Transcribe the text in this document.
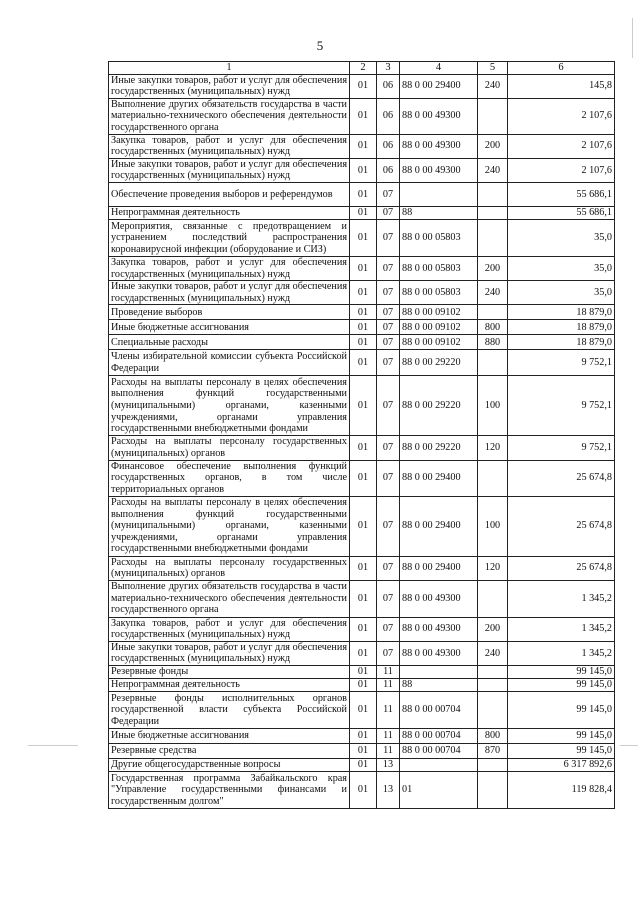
5
1	2	3	4	5	6
Иные закупки товаров, работ и услуг для обеспечения государственных (муниципальных) нужд	01	06	88 0 00 29400	240	145,8
Выполнение других обязательств государства в части материально-технического обеспечения деятельности государственного органа	01	06	88 0 00 49300		2 107,6
Закупка товаров, работ и услуг для обеспечения государственных (муниципальных) нужд	01	06	88 0 00 49300	200	2 107,6
Иные закупки товаров, работ и услуг для обеспечения государственных (муниципальных) нужд	01	06	88 0 00 49300	240	2 107,6
Обеспечение проведения выборов и референдумов	01	07			55 686,1
Непрограммная деятельность	01	07	88		55 686,1
Мероприятия, связанные с предотвращением и устранением последствий распространения коронавирусной инфекции (оборудование и СИЗ)	01	07	88 0 00 05803		35,0
Закупка товаров, работ и услуг для обеспечения государственных (муниципальных) нужд	01	07	88 0 00 05803	200	35,0
Иные закупки товаров, работ и услуг для обеспечения государственных (муниципальных) нужд	01	07	88 0 00 05803	240	35,0
Проведение выборов	01	07	88 0 00 09102		18 879,0
Иные бюджетные ассигнования	01	07	88 0 00 09102	800	18 879,0
Специальные расходы	01	07	88 0 00 09102	880	18 879,0
Члены избирательной комиссии субъекта Российской Федерации	01	07	88 0 00 29220		9 752,1
Расходы на выплаты персоналу в целях обеспечения выполнения функций государственными (муниципальными) органами, казенными учреждениями, органами управления государственными внебюджетными фондами	01	07	88 0 00 29220	100	9 752,1
Расходы на выплаты персоналу государственных (муниципальных) органов	01	07	88 0 00 29220	120	9 752,1
Финансовое обеспечение выполнения функций государственных органов, в том числе территориальных органов	01	07	88 0 00 29400		25 674,8
Расходы на выплаты персоналу в целях обеспечения выполнения функций государственными (муниципальными) органами, казенными учреждениями, органами управления государственными внебюджетными фондами	01	07	88 0 00 29400	100	25 674,8
Расходы на выплаты персоналу государственных (муниципальных) органов	01	07	88 0 00 29400	120	25 674,8
Выполнение других обязательств государства в части материально-технического обеспечения деятельности государственного органа	01	07	88 0 00 49300		1 345,2
Закупка товаров, работ и услуг для обеспечения государственных (муниципальных) нужд	01	07	88 0 00 49300	200	1 345,2
Иные закупки товаров, работ и услуг для обеспечения государственных (муниципальных) нужд	01	07	88 0 00 49300	240	1 345,2
Резервные фонды	01	11			99 145,0
Непрограммная деятельность	01	11	88		99 145,0
Резервные фонды исполнительных органов государственной власти субъекта Российской Федерации	01	11	88 0 00 00704		99 145,0
Иные бюджетные ассигнования	01	11	88 0 00 00704	800	99 145,0
Резервные средства	01	11	88 0 00 00704	870	99 145,0
Другие общегосударственные вопросы	01	13			6 317 892,6
Государственная программа Забайкальского края "Управление государственными финансами и государственным долгом"	01	13	01		119 828,4
